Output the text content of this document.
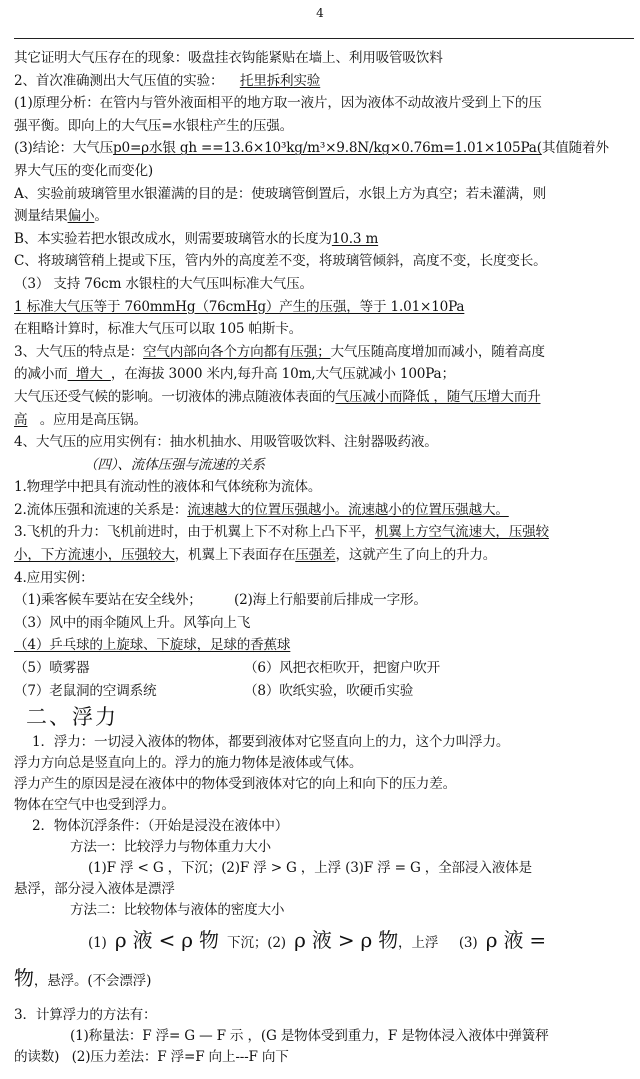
4
其它证明大气压存在的现象：吸盘挂衣钩能紧贴在墙上、利用吸管吸饮料
2、首次准确测出大气压值的实验： 托里拆利实验
(1)原理分析：在管内与管外液面相平的地方取一液片，因为液体不动故液片受到上下的压
强平衡。即向上的大气压=水银柱产生的压强。
(3)结论：大气压p0=ρ水银 gh ==13.6×10³kg/m³×9.8N/kg×0.76m=1.01×105Pa(其值随着外
界大气压的变化而变化)
A、实验前玻璃管里水银灌满的目的是：使玻璃管倒置后，水银上方为真空；若未灌满，则
测量结果偏小。
B、本实验若把水银改成水，则需要玻璃管水的长度为10.3 m
C、将玻璃管稍上提或下压，管内外的高度差不变，将玻璃管倾斜，高度不变，长度变长。
（3） 支持 76cm 水银柱的大气压叫标准大气压。
1 标准大气压等于 760mmHg（76cmHg）产生的压强，等于 1.01×10Pa
在粗略计算时，标准大气压可以取 105 帕斯卡。
3、大气压的特点是：空气内部向各个方向都有压强；大气压随高度增加而减小，随着高度
的减小而  增大  ，在海拔 3000 米内,每升高 10m,大气压就减小 100Pa；
大气压还受气候的影响。一切液体的沸点随液体表面的气压减小而降低 ，随气压增大而升
高   。应用是高压锅。
4、大气压的应用实例有：抽水机抽水、用吸管吸饮料、注射器吸药液。
（四）、流体压强与流速的关系
1.物理学中把具有流动性的液体和气体统称为流体。
2.流体压强和流速的关系是：流速越大的位置压强越小。流速越小的位置压强越大。
3.飞机的升力：飞机前进时，由于机翼上下不对称上凸下平，机翼上方空气流速大，压强较
小，下方流速小，压强较大，机翼上下表面存在压强差，这就产生了向上的升力。
4.应用实例：
（1)乘客候车要站在安全线外； (2)海上行船要前后排成一字形。
（3）风中的雨伞随风上升。风筝向上飞
（4）乒乓球的上旋球、下旋球，足球的香蕉球
（5）喷雾器	（6）风把衣柜吹开，把窗户吹开
（7）老鼠洞的空调系统	（8）吹纸实验，吹硬币实验
二、浮力
1．浮力：一切浸入液体的物体，都要到液体对它竖直向上的力，这个力叫浮力。
浮力方向总是竖直向上的。浮力的施力物体是液体或气体。
浮力产生的原因是浸在液体中的物体受到液体对它的向上和向下的压力差。
物体在空气中也受到浮力。
2．物体沉浮条件：（开始是浸没在液体中）
方法一：比较浮力与物体重力大小
(1)F 浮 < G ，下沉；(2)F 浮 > G ，上浮 (3)F 浮 = G ，全部浸入液体是
悬浮，部分浸入液体是漂浮
方法二：比较物体与液体的密度大小
(1)  ρ 液 < ρ 物  下沉；(2)  ρ 液 > ρ 物，上浮     (3)  ρ 液 =
物，悬浮。(不会漂浮)
3．计算浮力的方法有：
(1)称量法：F 浮= G — F 示 ，(G 是物体受到重力，F 是物体浸入液体中弹簧秤
的读数)   (2)压力差法：F 浮=F 向上---F 向下
